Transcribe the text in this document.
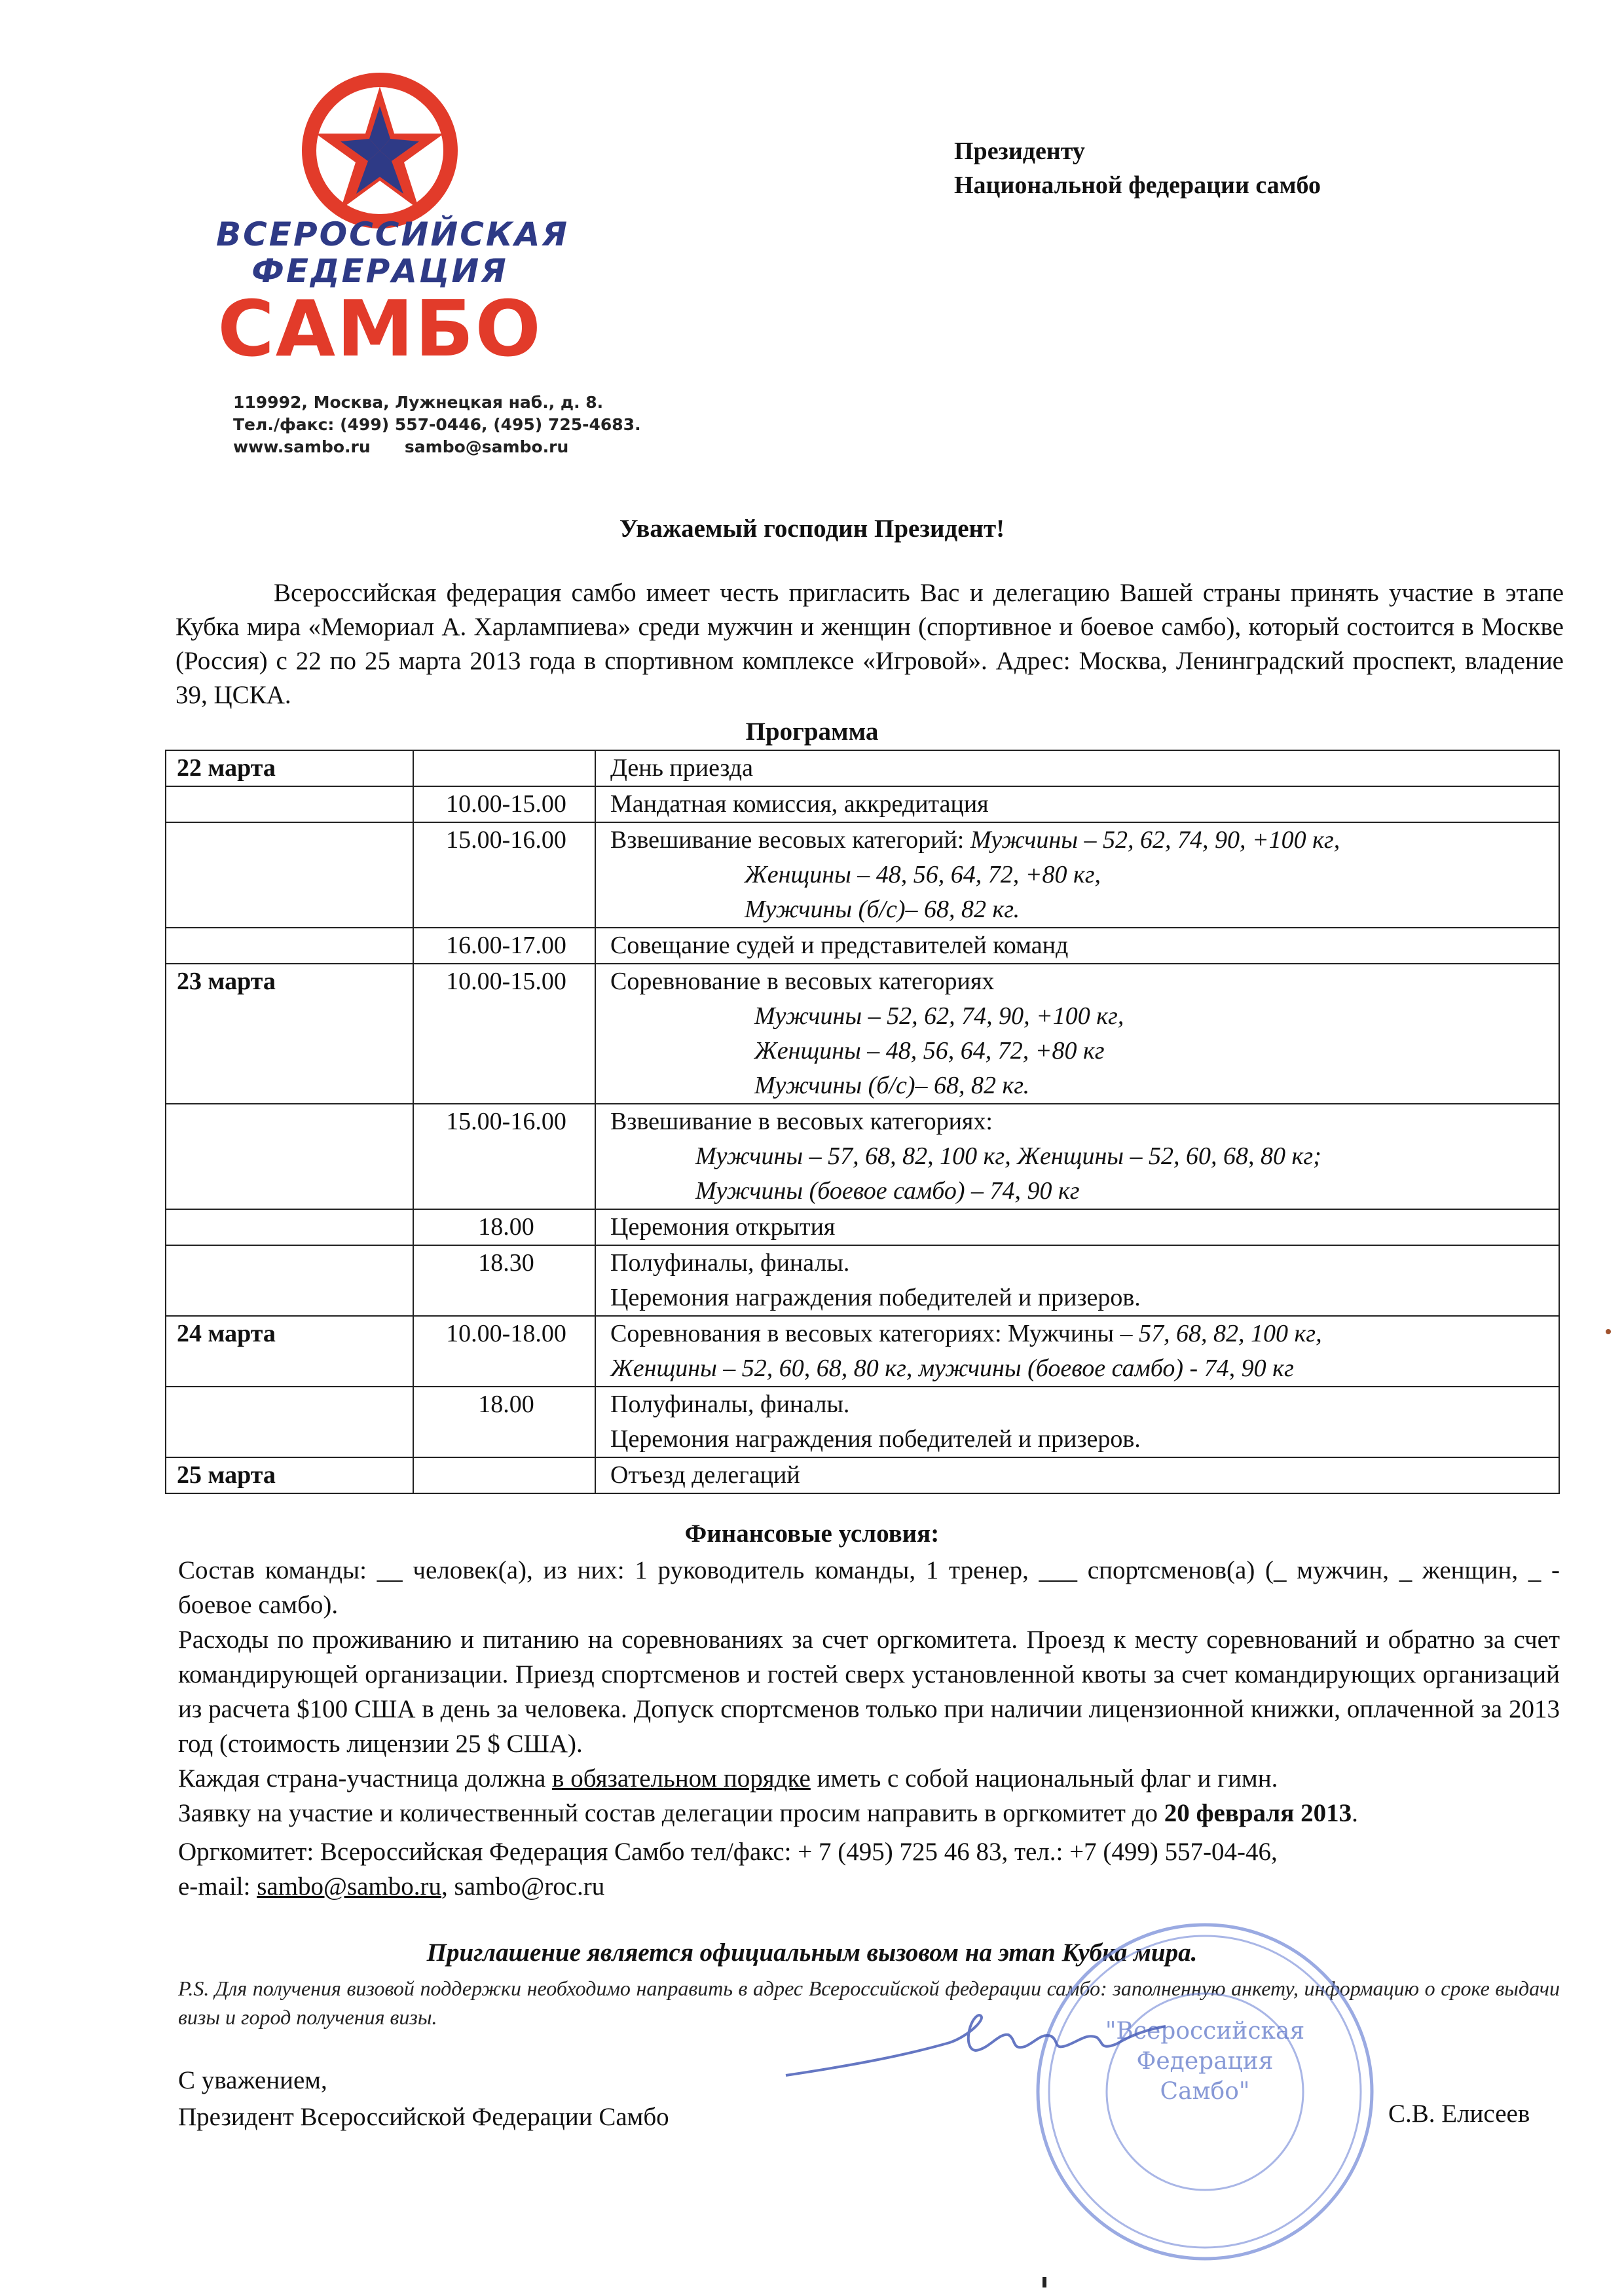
ВСЕРОССИЙСКАЯ
ФЕДЕРАЦИЯ
САМБО
119992, Москва, Лужнецкая наб., д. 8.
Тел./факс: (499) 557-0446, (495) 725-4683.
www.sambo.ru      sambo@sambo.ru
Президенту
Национальной федерации самбо
Уважаемый господин Президент!
Всероссийская федерация самбо имеет честь пригласить Вас и делегацию Вашей страны принять участие в этапе Кубка мира «Мемориал А. Харлампиева» среди мужчин и женщин (спортивное и боевое самбо), который состоится в Москве (Россия) с 22 по 25 марта 2013 года в спортивном комплексе «Игровой». Адрес: Москва, Ленинградский проспект, владение 39, ЦСКА.
Программа
22 марта		День приезда

	10.00-15.00	Мандатная комиссия, аккредитация

	15.00-16.00	Взвешивание весовых категорий: Мужчины – 52, 62, 74, 90, +100 кг,
Женщины – 48, 56, 64, 72, +80 кг,
Мужчины (б/с)– 68, 82 кг.

	16.00-17.00	Совещание судей и представителей команд

23 марта	10.00-15.00	Соревнование в весовых категориях
Мужчины – 52, 62, 74, 90, +100 кг,
Женщины – 48, 56, 64, 72, +80 кг
Мужчины (б/с)– 68, 82 кг.

	15.00-16.00	Взвешивание в весовых категориях:
Мужчины – 57, 68, 82, 100 кг, Женщины – 52, 60, 68, 80 кг;
Мужчины (боевое самбо) – 74, 90 кг

	18.00	Церемония открытия

	18.30	Полуфиналы, финалы.
Церемония награждения победителей и призеров.

24 марта	10.00-18.00	Соревнования в весовых категориях: Мужчины – 57, 68, 82, 100 кг,
Женщины – 52, 60, 68, 80 кг, мужчины (боевое самбо) - 74, 90 кг

	18.00	Полуфиналы, финалы.
Церемония награждения победителей и призеров.

25 марта		Отъезд делегаций
Финансовые условия:

Состав команды: __ человек(а), из них: 1 руководитель команды, 1 тренер, ___ спортсменов(а) (_ мужчин, _ женщин, _ - боевое самбо).

Расходы по проживанию и питанию на соревнованиях за счет оргкомитета. Проезд к месту соревнований и обратно за счет командирующей организации. Приезд спортсменов и гостей сверх установленной квоты за счет командирующих организаций из расчета $100 США в день за человека. Допуск спортсменов только при наличии лицензионной книжки, оплаченной за 2013 год (стоимость лицензии 25 $ США).

Каждая страна-участница должна в обязательном порядке иметь с собой национальный флаг и гимн.

Заявку на участие и количественный состав делегации просим направить в оргкомитет до 20 февраля 2013.

Оргкомитет: Всероссийская Федерация Самбо тел/факс: + 7 (495) 725 46 83, тел.: +7 (499) 557-04-46,

e-mail: sambo@sambo.ru, sambo@roc.ru

Приглашение является официальным вызовом на этап Кубка мира.
P.S. Для получения визовой поддержки необходимо направить в адрес Всероссийской федерации самбо: заполненную анкету, информацию о сроке выдачи визы и город получения визы.
С уважением,
Президент Всероссийской Федерации Самбо	С.В. Елисеев
"Всероссийская
Федерация
Самбо"
